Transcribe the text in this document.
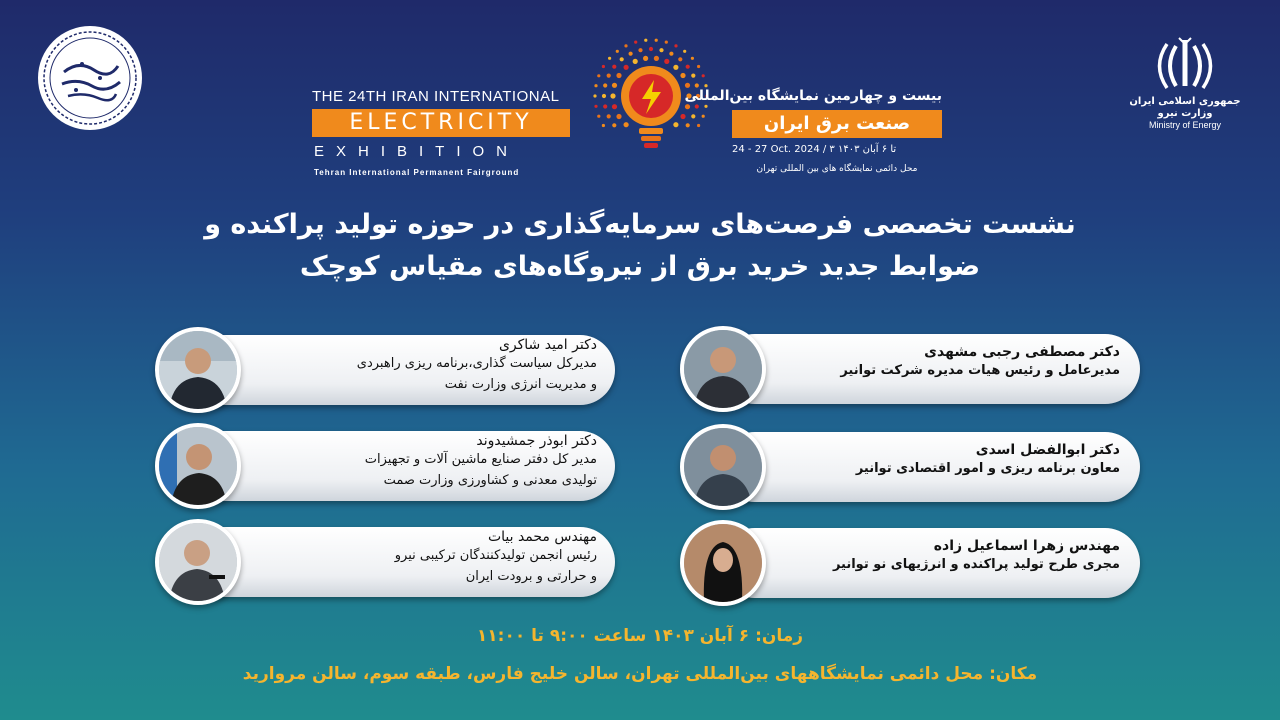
THE 24TH IRAN INTERNATIONAL
ELECTRICITY
EXHIBITION
Tehran International Permanent Fairground
بیست و چهارمین نمایشگاه بین‌المللی
صنعت برق ایران
24 - 27 Oct. 2024 / ۳ تا ۶ آبان ۱۴۰۳
محل دائمی نمایشگاه های بین المللی تهران
جمهوری اسلامی ایران
وزارت نیرو
Ministry of Energy
نشست تخصصی فرصت‌های سرمایه‌گذاری در حوزه تولید پراکنده و
ضوابط جدید خرید برق از نیروگاه‌های مقیاس کوچک
دکتر امید شاکری
مدیرکل سیاست گذاری،برنامه ریزی راهبردی
و مدیریت انرژی وزارت نفت
دکتر ابوذر جمشیدوند
مدیر کل دفتر صنایع ماشین آلات و تجهیزات
تولیدی معدنی و کشاورزی وزارت صمت
مهندس محمد بیات
رئیس انجمن تولیدکنندگان ترکیبی نیرو
و حرارتی و برودت ایران
دکتر مصطفی رجبی مشهدی
مدیرعامل و رئیس هیات مدیره شرکت توانیر
دکتر ابوالفضل اسدی
معاون برنامه ریزی و امور اقتصادی توانیر
مهندس زهرا اسماعیل زاده
مجری طرح تولید پراکنده و انرژیهای نو توانیر
زمان: ۶ آبان ۱۴۰۳ ساعت ۹:۰۰ تا ۱۱:۰۰
مکان: محل دائمی نمایشگاههای بین‌المللی تهران، سالن خلیج فارس، طبقه سوم، سالن مروارید
